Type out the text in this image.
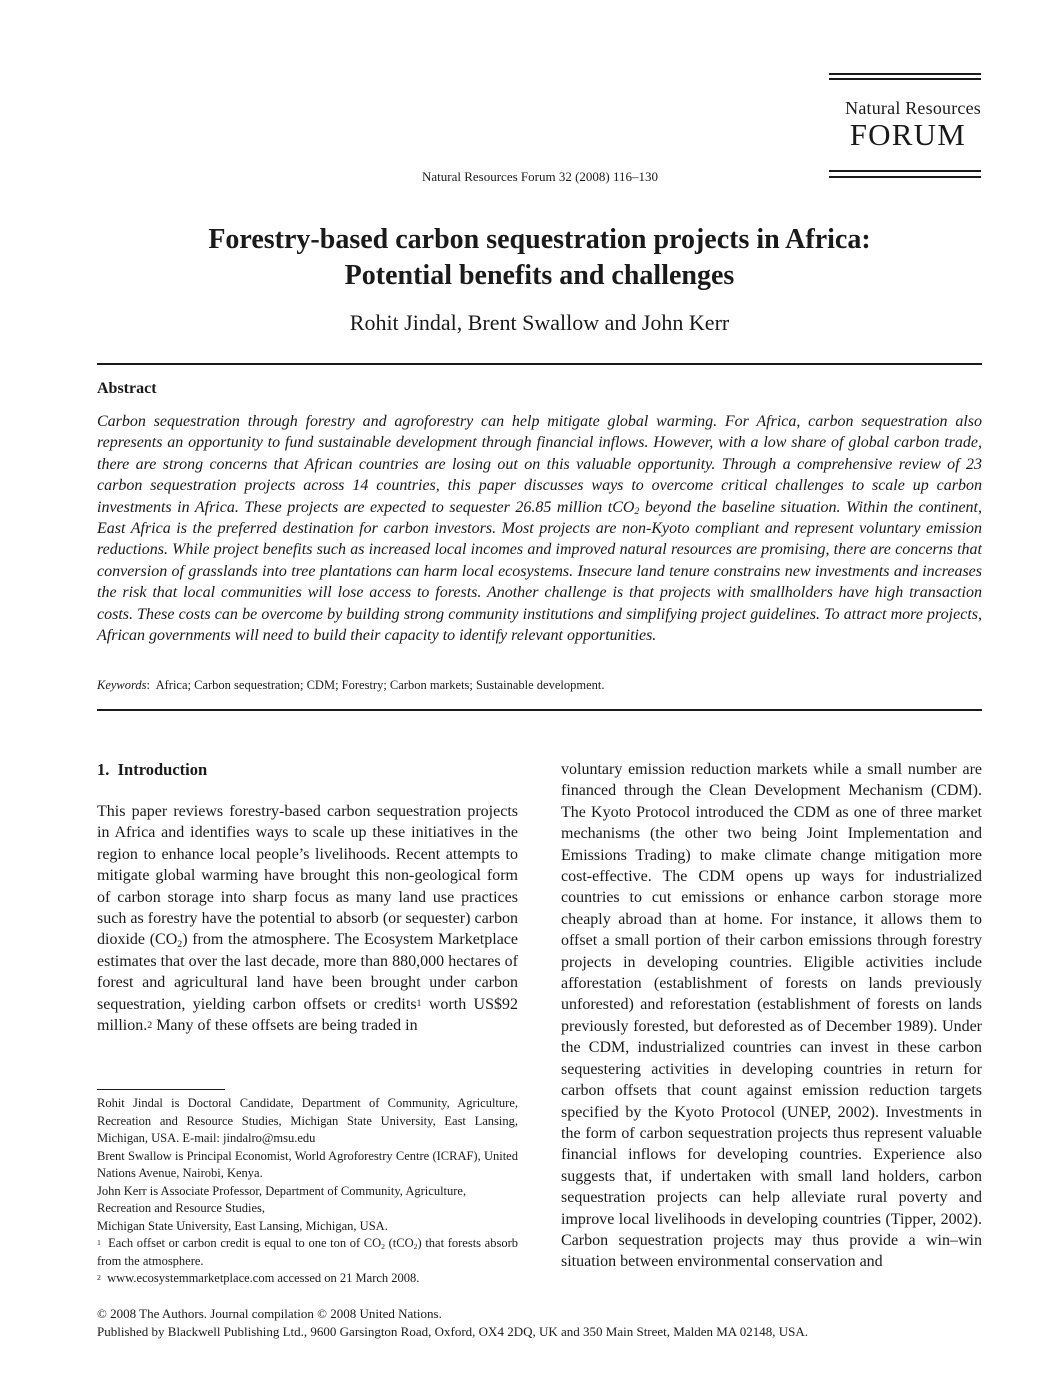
Natural Resources
FORUM
Natural Resources Forum 32 (2008) 116–130
Forestry-based carbon sequestration projects in Africa:
Potential benefits and challenges
Rohit Jindal, Brent Swallow and John Kerr
Abstract
Carbon sequestration through forestry and agroforestry can help mitigate global warming. For Africa, carbon sequestration also represents an opportunity to fund sustainable development through financial inflows. However, with a low share of global carbon trade, there are strong concerns that African countries are losing out on this valuable opportunity. Through a comprehensive review of 23 carbon sequestration projects across 14 countries, this paper discusses ways to overcome critical challenges to scale up carbon investments in Africa. These projects are expected to sequester 26.85 million tCO$_2$ beyond the baseline situation. Within the continent, East Africa is the preferred destination for carbon investors. Most projects are non-Kyoto compliant and represent voluntary emission reductions. While project benefits such as increased local incomes and improved natural resources are promising, there are concerns that conversion of grasslands into tree plantations can harm local ecosystems. Insecure land tenure constrains new investments and increases the risk that local communities will lose access to forests. Another challenge is that projects with smallholders have high transaction costs. These costs can be overcome by building strong community institutions and simplifying project guidelines. To attract more projects, African governments will need to build their capacity to identify relevant opportunities.
Keywords:  Africa; Carbon sequestration; CDM; Forestry; Carbon markets; Sustainable development.
1.  Introduction
This paper reviews forestry-based carbon sequestration projects in Africa and identifies ways to scale up these initiatives in the region to enhance local people’s livelihoods. Recent attempts to mitigate global warming have brought this non-geological form of carbon storage into sharp focus as many land use practices such as forestry have the potential to absorb (or sequester) carbon dioxide $(CO_2)$ from the atmosphere. The Ecosystem Marketplace estimates that over the last decade, more than 880,000 hectares of forest and agricultural land have been brought under carbon sequestration, yielding carbon offsets or credits$^1$ worth US$92 million.$^2$ Many of these offsets are being traded in
voluntary emission reduction markets while a small number are financed through the Clean Development Mechanism (CDM). The Kyoto Protocol introduced the CDM as one of three market mechanisms (the other two being Joint Implementation and Emissions Trading) to make climate change mitigation more cost-effective. The CDM opens up ways for industrialized countries to cut emissions or enhance carbon storage more cheaply abroad than at home. For instance, it allows them to offset a small portion of their carbon emissions through forestry projects in developing countries. Eligible activities include afforestation (establishment of forests on lands previously unforested) and reforestation (establishment of forests on lands previously forested, but deforested as of December 1989). Under the CDM, industrialized countries can invest in these carbon sequestering activities in developing countries in return for carbon offsets that count against emission reduction targets specified by the Kyoto Protocol (UNEP, 2002). Investments in the form of carbon sequestration projects thus represent valuable financial inflows for developing countries. Experience also suggests that, if undertaken with small land holders, carbon sequestration projects can help alleviate rural poverty and improve local livelihoods in developing countries (Tipper, 2002). Carbon sequestration projects may thus provide a win–win situation between environmental conservation and

Rohit Jindal is Doctoral Candidate, Department of Community, Agriculture, Recreation and Resource Studies, Michigan State University, East Lansing, Michigan, USA. E-mail: jindalro@msu.edu

Brent Swallow is Principal Economist, World Agroforestry Centre (ICRAF), United Nations Avenue, Nairobi, Kenya.

John Kerr is Associate Professor, Department of Community, Agriculture, Recreation and Resource Studies,

Michigan State University, East Lansing, Michigan, USA.

$^1$  Each offset or carbon credit is equal to one ton of $CO_2$ (tCO$_2$) that forests absorb from the atmosphere.

$^2$  www.ecosystemmarketplace.com accessed on 21 March 2008.

© 2008 The Authors. Journal compilation © 2008 United Nations.
Published by Blackwell Publishing Ltd., 9600 Garsington Road, Oxford, OX4 2DQ, UK and 350 Main Street, Malden MA 02148, USA.
